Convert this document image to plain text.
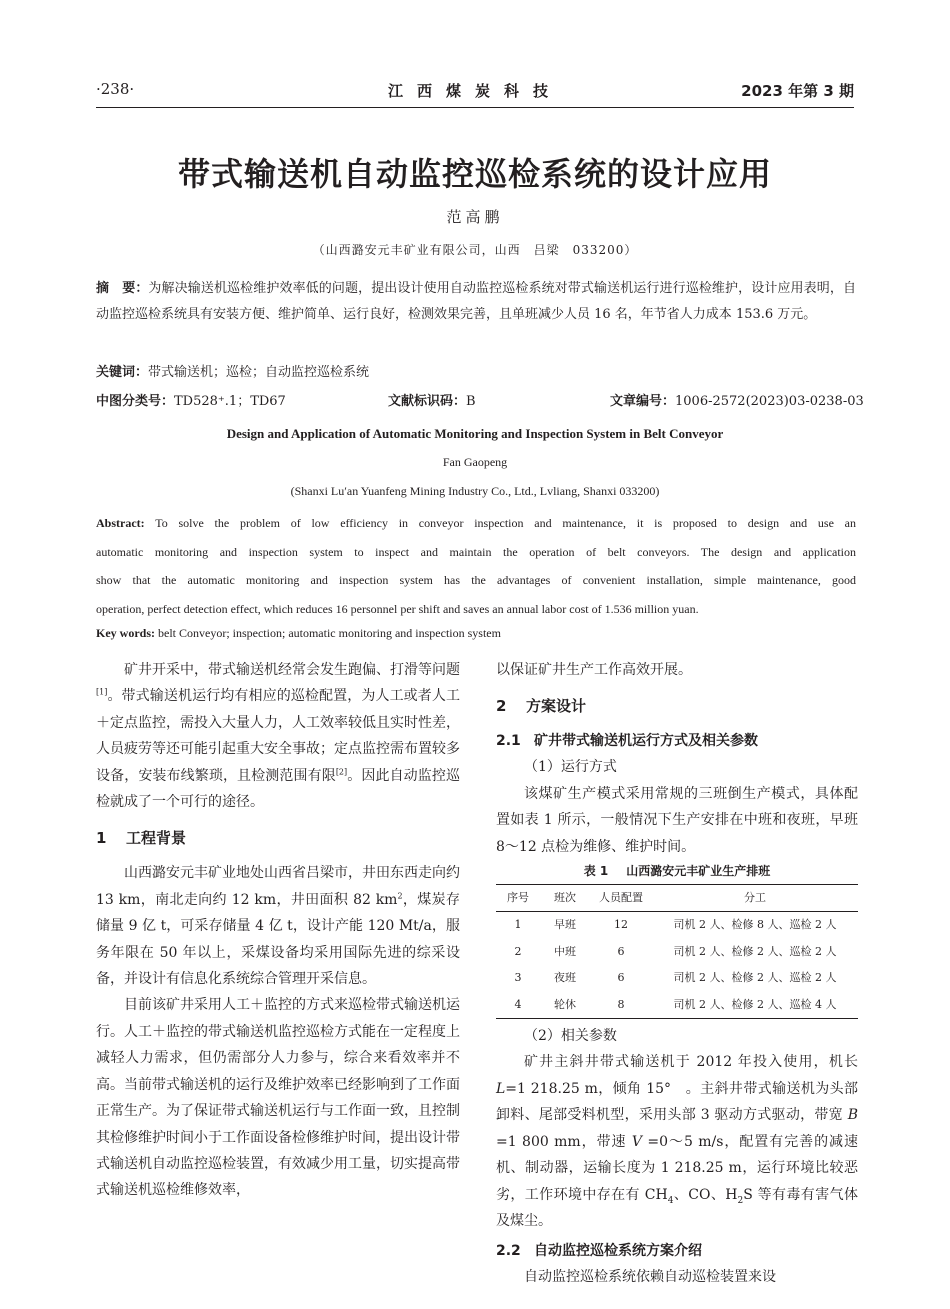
·238·	江西煤炭科技	2023 年第 3 期
带式输送机自动监控巡检系统的设计应用
范高鹏
（山西潞安元丰矿业有限公司，山西　吕梁　033200）
摘　要：为解决输送机巡检维护效率低的问题，提出设计使用自动监控巡检系统对带式输送机运行进行巡检维护，设计应用表明，自动监控巡检系统具有安装方便、维护简单、运行良好，检测效果完善，且单班减少人员 16 名，年节省人力成本 153.6 万元。
关键词：带式输送机；巡检；自动监控巡检系统
中图分类号：TD528⁺.1；TD67	文献标识码：B	文章编号：1006-2572(2023)03-0238-03
Design and Application of Automatic Monitoring and Inspection System in Belt Conveyor
Fan Gaopeng
(Shanxi Lu′an Yuanfeng Mining Industry Co., Ltd., Lvliang, Shanxi 033200)
Abstract: To solve the problem of low efficiency in conveyor inspection and maintenance, it is proposed to design and use an
automatic monitoring and inspection system to inspect and maintain the operation of belt conveyors. The design and application
show that the automatic monitoring and inspection system has the advantages of convenient installation, simple maintenance, good
operation, perfect detection effect, which reduces 16 personnel per shift and saves an annual labor cost of 1.536 million yuan.
Key words: belt Conveyor; inspection; automatic monitoring and inspection system

矿井开采中，带式输送机经常会发生跑偏、打滑等问题[1]。带式输送机运行均有相应的巡检配置，为人工或者人工＋定点监控，需投入大量人力，人工效率较低且实时性差，人员疲劳等还可能引起重大安全事故；定点监控需布置较多设备，安装布线繁琐，且检测范围有限[2]。因此自动监控巡检就成了一个可行的途径。

1 工程背景

山西潞安元丰矿业地处山西省吕梁市，井田东西走向约 13 km，南北走向约 12 km，井田面积 82 $km^2$，煤炭存储量 9 亿 t，可采存储量 4 亿 t，设计产能 120 Mt/a，服务年限在 50 年以上，采煤设备均采用国际先进的综采设备，并设计有信息化系统综合管理开采信息。

目前该矿井采用人工＋监控的方式来巡检带式输送机运行。人工＋监控的带式输送机监控巡检方式能在一定程度上减轻人力需求，但仍需部分人力参与，综合来看效率并不高。当前带式输送机的运行及维护效率已经影响到了工作面正常生产。为了保证带式输送机运行与工作面一致，且控制其检修维护时间小于工作面设备检修维护时间，提出设计带式输送机自动监控巡检装置，有效减少用工量，切实提高带式输送机巡检维修效率，

以保证矿井生产工作高效开展。

2 方案设计
2.1 矿井带式输送机运行方式及相关参数

（1）运行方式

该煤矿生产模式采用常规的三班倒生产模式，具体配置如表 1 所示，一般情况下生产安排在中班和夜班，早班 8～12 点检为维修、维护时间。

表 1 山西潞安元丰矿业生产排班
序号	班次	人员配置	分工
1	早班	12	司机 2 人、检修 8 人、巡检 2 人
2	中班	6	司机 2 人、检修 2 人、巡检 2 人
3	夜班	6	司机 2 人、检修 2 人、巡检 2 人
4	轮休	8	司机 2 人、检修 2 人、巡检 4 人

（2）相关参数

矿井主斜井带式输送机于 2012 年投入使用，机长 L=1 218.25 m，倾角 15°　。主斜井带式输送机为头部卸料、尾部受料机型，采用头部 3 驱动方式驱动，带宽 B =1 800 mm，带速 V =0～5 m/s，配置有完善的减速机、制动器，运输长度为 1 218.25 m，运行环境比较恶劣，工作环境中存在有 $CH_4$、CO、$H_2S$ 等有毒有害气体及煤尘。

2.2 自动监控巡检系统方案介绍

自动监控巡检系统依赖自动巡检装置来设
